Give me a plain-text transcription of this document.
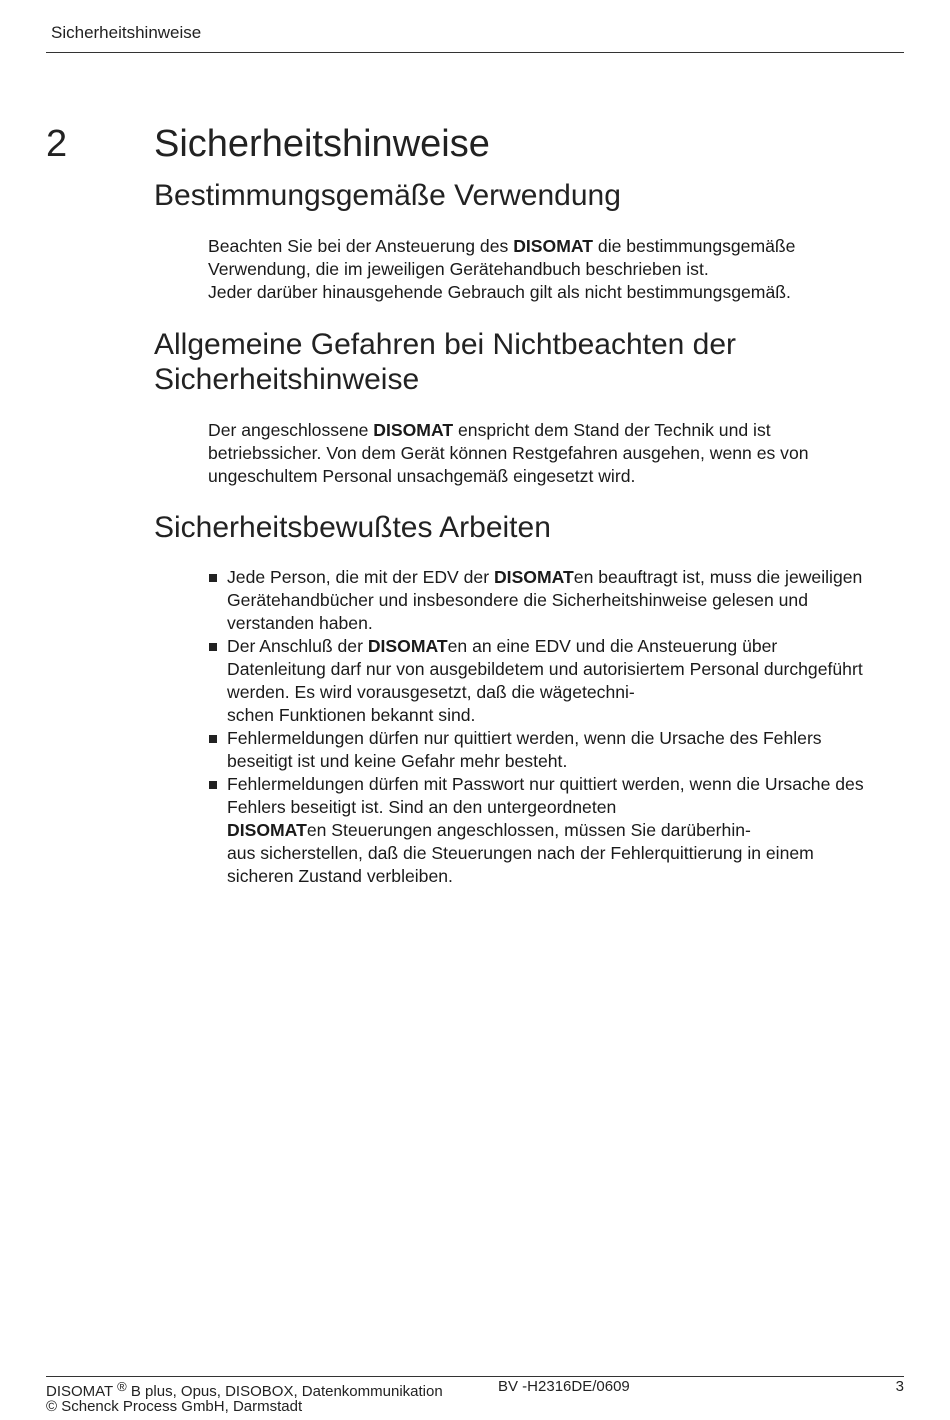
Sicherheitshinweise
2 Sicherheitshinweise
Bestimmungsgemäße Verwendung
Beachten Sie bei der Ansteuerung des DISOMAT die bestimmungsgemäße Verwendung, die im jeweiligen Gerätehandbuch beschrieben ist.
Jeder darüber hinausgehende Gebrauch gilt als nicht bestimmungsgemäß.
Allgemeine Gefahren bei Nichtbeachten der
Sicherheitshinweise
Der angeschlossene DISOMAT enspricht dem Stand der Technik und ist betriebssicher. Von dem Gerät können Restgefahren ausgehen, wenn es von ungeschultem Personal unsachgemäß eingesetzt wird.
Sicherheitsbewußtes Arbeiten
Jede Person, die mit der EDV der DISOMATen beauftragt ist, muss die jeweiligen Gerätehandbücher und insbesondere die Sicherheitshinweise gelesen und verstanden haben.
Der Anschluß der DISOMATen an eine EDV und die Ansteuerung über Datenleitung darf nur von ausgebildetem und autorisiertem Personal durchgeführt werden. Es wird vorausgesetzt, daß die wägetechni-
schen Funktionen bekannt sind.
Fehlermeldungen dürfen nur quittiert werden, wenn die Ursache des Fehlers beseitigt ist und keine Gefahr mehr besteht.
Fehlermeldungen dürfen mit Passwort nur quittiert werden, wenn die Ursache des Fehlers beseitigt ist. Sind an den untergeordneten
DISOMATen Steuerungen angeschlossen, müssen Sie darüberhin-
aus sicherstellen, daß die Steuerungen nach der Fehlerquittierung in einem sicheren Zustand verbleiben.
DISOMAT ® B plus, Opus, DISOBOX, Datenkommunikation	BV -H2316DE/0609	3
© Schenck Process GmbH, Darmstadt
